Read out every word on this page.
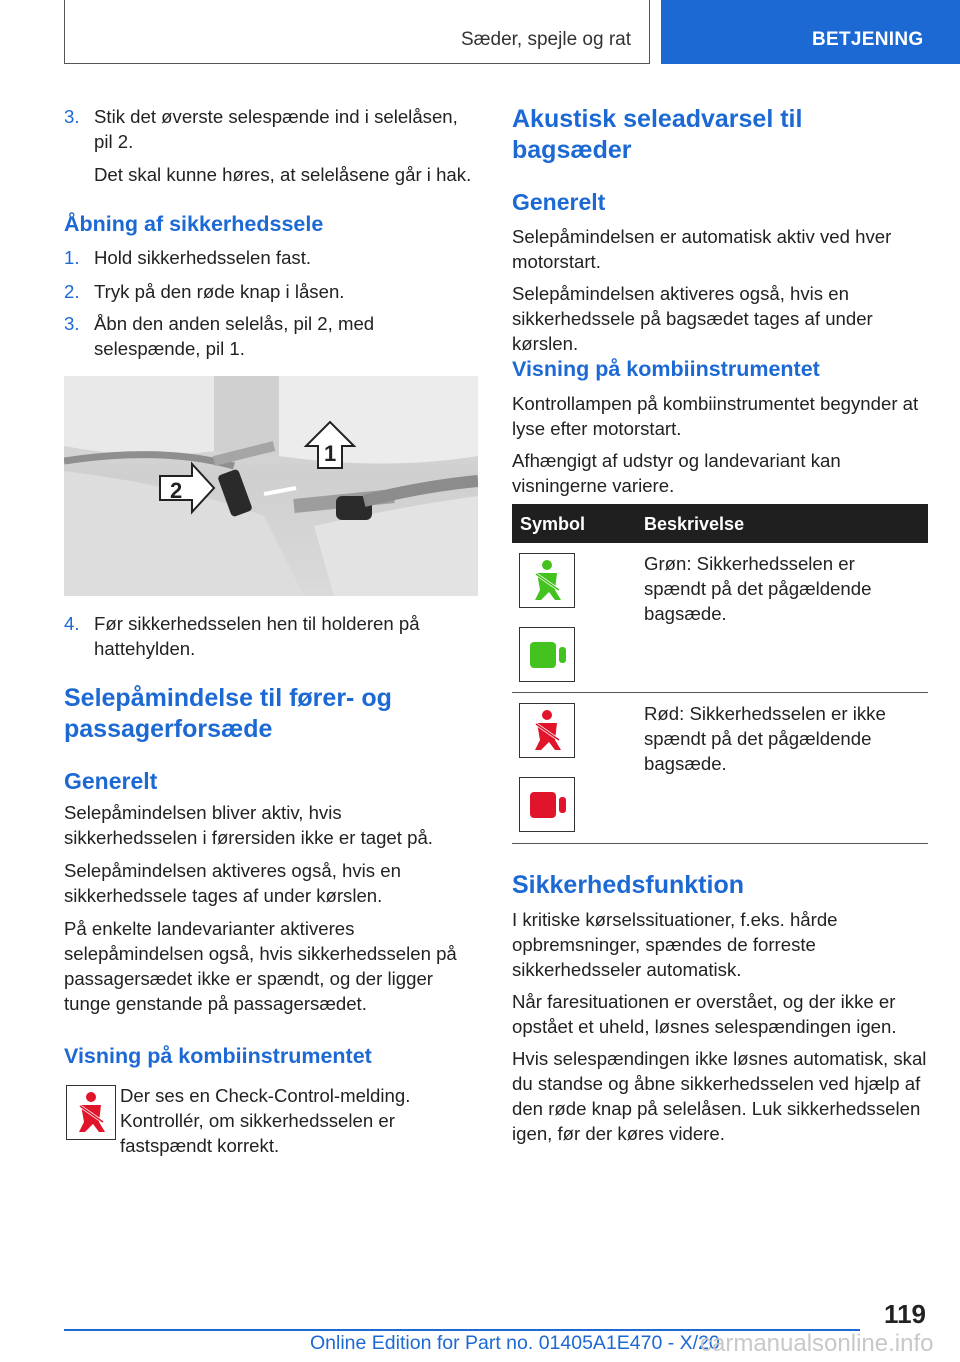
Sæder, spejle og rat	BETJENING
3. Stik det øverste selespænde ind i selelåsen, pil 2.
Det skal kunne høres, at selelåsene går i hak.
Åbning af sikkerhedssele
1. Hold sikkerhedsselen fast.
2. Tryk på den røde knap i låsen.
3. Åbn den anden selelås, pil 2, med selespænde, pil 1.
2
1
4. Før sikkerhedsselen hen til holderen på hattehylden.
Selepåmindelse til fører- og passagerforsæde
Generelt
Selepåmindelsen bliver aktiv, hvis sikkerhedsselen i førersiden ikke er taget på.
Selepåmindelsen aktiveres også, hvis en sikkerhedssele tages af under kørslen.
På enkelte landevarianter aktiveres selepåmindelsen også, hvis sikkerhedsselen på passagersædet ikke er spændt, og der ligger tunge genstande på passagersædet.
Visning på kombiinstrumentet
Der ses en Check-Control-melding. Kontrollér, om sikkerhedsselen er fastspændt korrekt.
Akustisk seleadvarsel til bagsæder
Generelt
Selepåmindelsen er automatisk aktiv ved hver motorstart.
Selepåmindelsen aktiveres også, hvis en sikkerhedssele på bagsædet tages af under kørslen.
Visning på kombiinstrumentet
Kontrollampen på kombiinstrumentet begynder at lyse efter motorstart.
Afhængigt af udstyr og landevariant kan visningerne variere.
Symbol	Beskrivelse
Grøn: Sikkerhedsselen er spændt på det pågældende bagsæde.
Rød: Sikkerhedsselen er ikke spændt på det pågældende bagsæde.
Sikkerhedsfunktion
I kritiske kørselssituationer, f.eks. hårde opbremsninger, spændes de forreste sikkerhedsseler automatisk.
Når faresituationen er overstået, og der ikke er opstået et uheld, løsnes selespændingen igen.
Hvis selespændingen ikke løsnes automatisk, skal du standse og åbne sikkerhedsselen ved hjælp af den røde knap på selelåsen. Luk sikkerhedsselen igen, før der køres videre.
119
Online Edition for Part no. 01405A1E470 - X/20
carmanualsonline.info
